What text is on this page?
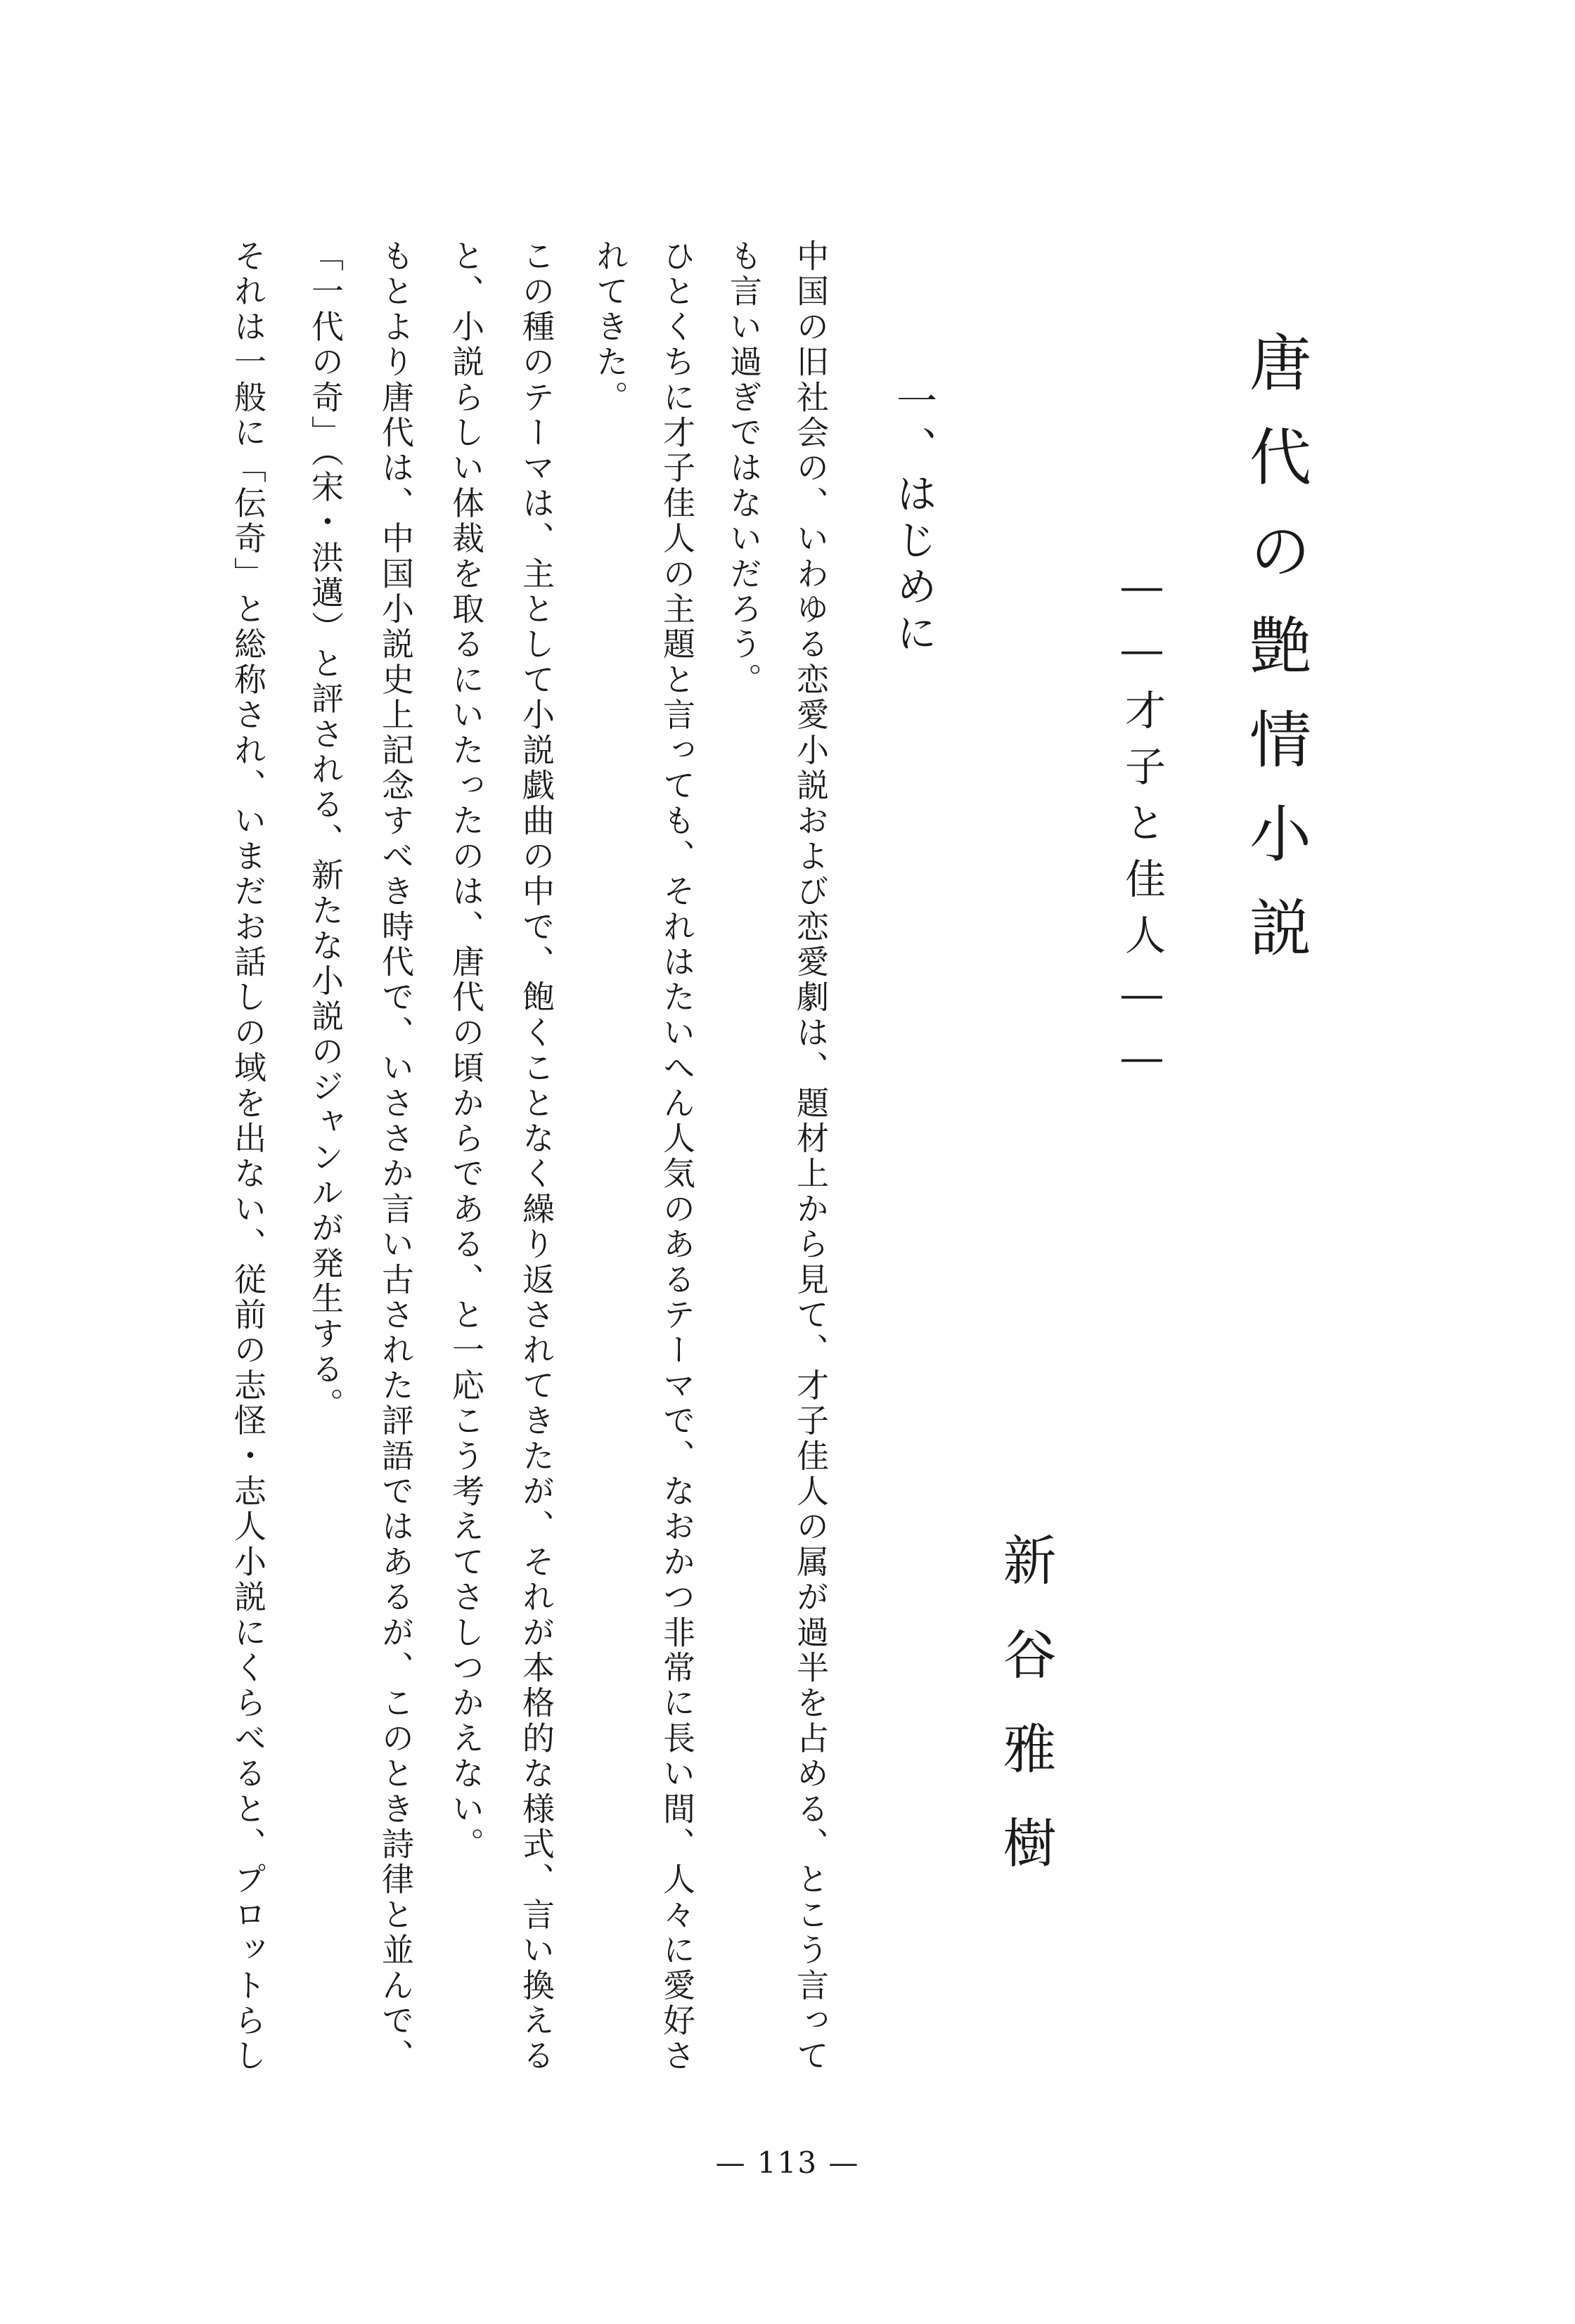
唐代の艶情小説
――才子と佳人――
新谷雅樹
一、はじめに
中国の旧社会の、いわゆる恋愛小説および恋愛劇は、題材上から見て、才子佳人の属が過半を占める、とこう言って
も言い過ぎではないだろう。
ひとくちに才子佳人の主題と言っても、それはたいへん人気のあるテーマで、なおかつ非常に長い間、人々に愛好さ
れてきた。
この種のテーマは、主として小説戯曲の中で、飽くことなく繰り返されてきたが、それが本格的な様式、言い換える
と、小説らしい体裁を取るにいたったのは、唐代の頃からである、と一応こう考えてさしつかえない。
もとより唐代は、中国小説史上記念すべき時代で、いささか言い古された評語ではあるが、このとき詩律と並んで、
「一代の奇」（宋・洪邁）と評される、新たな小説のジャンルが発生する。
それは一般に「伝奇」と総称され、いまだお話しの域を出ない、従前の志怪・志人小説にくらべると、プロットらし
— 113 —
